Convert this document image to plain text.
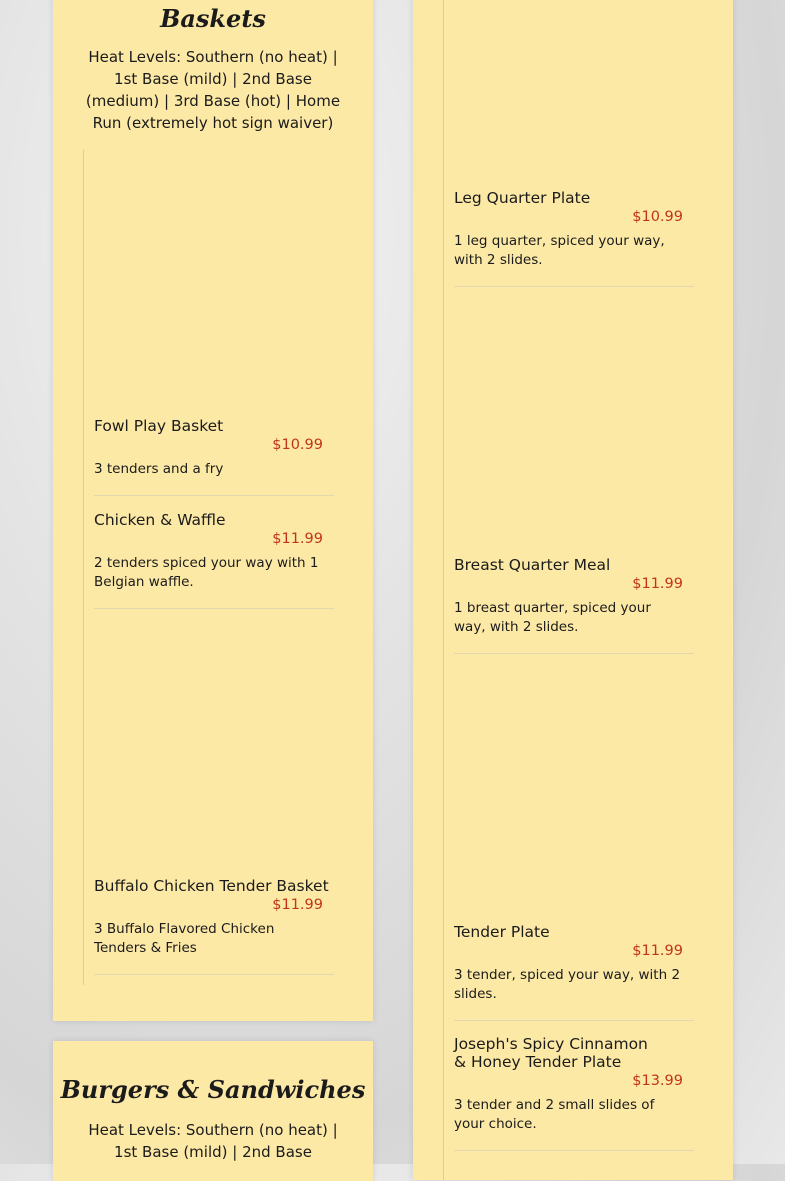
Baskets
Heat Levels: Southern (no heat) | 1st Base (mild) | 2nd Base (medium) | 3rd Base (hot) | Home Run (extremely hot sign waiver)
Fowl Play Basket
$10.99
3 tenders and a fry
Chicken & Waffle
$11.99
2 tenders spiced your way with 1 Belgian waffle.
Buffalo Chicken Tender Basket
$11.99
3 Buffalo Flavored Chicken Tenders & Fries
Burgers & Sandwiches
Heat Levels: Southern (no heat) | 1st Base (mild) | 2nd Base
Leg Quarter Plate
$10.99
1 leg quarter, spiced your way, with 2 slides.
Breast Quarter Meal
$11.99
1 breast quarter, spiced your way, with 2 slides.
Tender Plate
$11.99
3 tender, spiced your way, with 2 slides.
Joseph's Spicy Cinnamon & Honey Tender Plate
$13.99
3 tender and 2 small slides of your choice.
